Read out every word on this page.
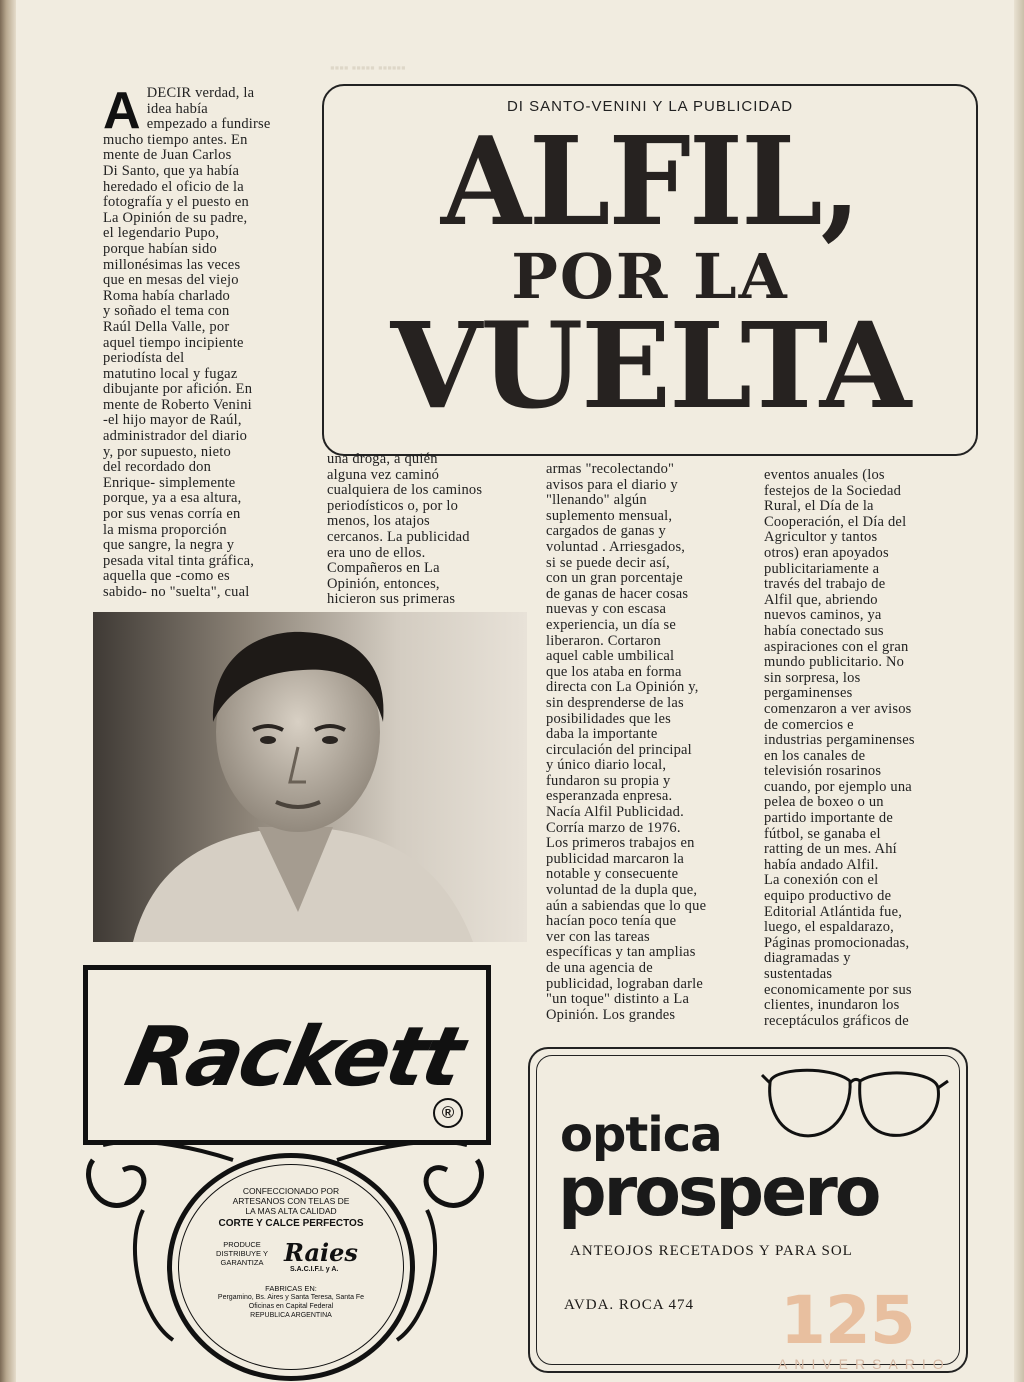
▪▪▪▪ ▪▪▪▪▪ ▪▪▪▪▪▪
ADECIR verdad, la
idea había
empezado a fundirse
mucho tiempo antes. En
mente de Juan Carlos
Di Santo, que ya había
heredado el oficio de la
fotografía y el puesto en
La Opinión de su padre,
el legendario Pupo,
porque habían sido
millonésimas las veces
que en mesas del viejo
Roma había charlado
y soñado el tema con
Raúl Della Valle, por
aquel tiempo incipiente
periodísta del
matutino local y fugaz
dibujante por afición. En
mente de Roberto Venini
-el hijo mayor de Raúl,
administrador del diario
y, por supuesto, nieto
del recordado don
Enrique- simplemente
porque, ya a esa altura,
por sus venas corría en
la misma proporción
que sangre, la negra y
pesada vital tinta gráfica,
aquella que -como es
sabido- no "suelta", cual
DI SANTO-VENINI Y LA PUBLICIDAD
ALFIL,
POR LA
VUELTA
una droga, a quién
alguna vez caminó
cualquiera de los caminos
periodísticos o, por lo
menos, los atajos
cercanos. La publicidad
era uno de ellos.
Compañeros en La
Opinión, entonces,
hicieron sus primeras
armas "recolectando"
avisos para el diario y
"llenando" algún
suplemento mensual,
cargados de ganas y
voluntad . Arriesgados,
si se puede decir así,
con un gran porcentaje
de ganas de hacer cosas
nuevas y con escasa
experiencia, un día se
liberaron. Cortaron
aquel cable umbilical
que los ataba en forma
directa con La Opinión y,
sin desprenderse de las
posibilidades que les
daba la importante
circulación del principal
y único diario local,
fundaron su propia y
esperanzada enpresa.
Nacía Alfil Publicidad.
Corría marzo de 1976.
Los primeros trabajos en
publicidad marcaron la
notable y consecuente
voluntad de la dupla que,
aún a sabiendas que lo que
hacían poco tenía que
ver con las tareas
específicas y tan amplias
de una agencia de
publicidad, lograban darle
"un toque" distinto a La
Opinión. Los grandes
eventos anuales (los
festejos de la Sociedad
Rural, el Día de la
Cooperación, el Día del
Agricultor y tantos
otros) eran apoyados
publicitariamente a
través del trabajo de
Alfil que, abriendo
nuevos caminos, ya
había conectado sus
aspiraciones con el gran
mundo publicitario. No
sin sorpresa, los
pergaminenses
comenzaron a ver avisos
de comercios e
industrias pergaminenses
en los canales de
televisión rosarinos
cuando, por ejemplo una
pelea de boxeo o un
partido importante de
fútbol, se ganaba el
ratting de un mes. Ahí
había andado Alfil.
La conexión con el
equipo productivo de
Editorial Atlántida fue,
luego, el espaldarazo,
Páginas promocionadas,
diagramadas y
sustentadas
economicamente por sus
clientes, inundaron los
receptáculos gráficos de
Rackett
®
CONFECCIONADO POR
ARTESANOS CON TELAS DE
LA MAS ALTA CALIDAD
CORTE Y CALCE PERFECTOS
PRODUCE
DISTRIBUYE Y
GARANTIZA Raies
S.A.C.I.F.I. y A.
FABRICAS EN:
Pergamino, Bs. Aires y Santa Teresa, Santa Fe
Oficinas en Capital Federal
REPUBLICA ARGENTINA
optica
prospero
ANTEOJOS RECETADOS Y PARA SOL
AVDA. ROCA 474 125
ANIVERSARIO
